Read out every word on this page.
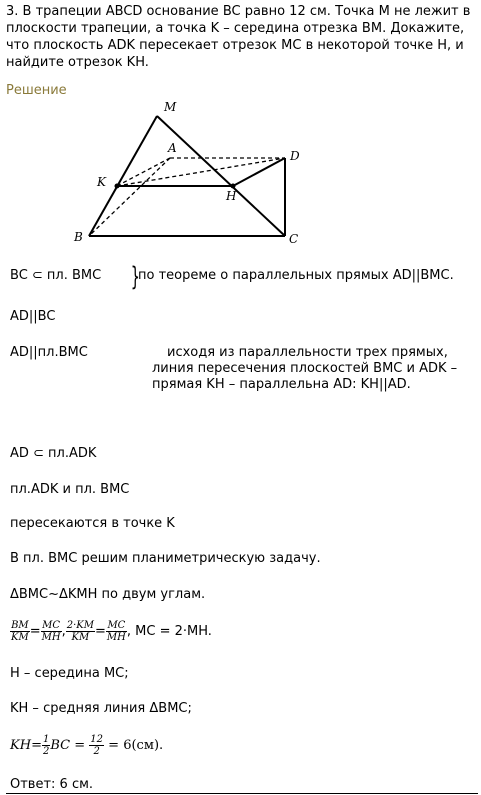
3. В трапеции ABCD основание BC равно 12 см. Точка M не лежит в плоскости трапеции, а точка K – середина отрезка BM. Докажите, что плоскость ADK пересекает отрезок MC в некоторой точке H, и найдите отрезок KH.
Решение
M
A
D
K
H
B	C
BC ⊂ пл. BMC }
по теореме о параллельных прямых AD||BMC.
AD||BC
AD||пл.BMC	исходя из параллельности трех прямых,
линия пересечения плоскостей BMC и ADK –
прямая KH – параллельна AD: KH||AD.
AD ⊂ пл.ADK
пл.ADK и пл. BMC
пересекаются в точке K
В пл. BMC решим планиметрическую задачу.
ΔBMC~ΔKMH по двум углам.
$\frac{BM}{KM} = \frac{MC}{MH}$ , $\frac{2\cdot KM}{KM} = \frac{MC}{MH}$ , MC = 2·MH.
H – середина MC;
KH – средняя линия ΔBMC;
$KH= \frac{1}{2}$ BC = $\frac{12}{2} = 6(см)$.
Ответ: 6 см.
